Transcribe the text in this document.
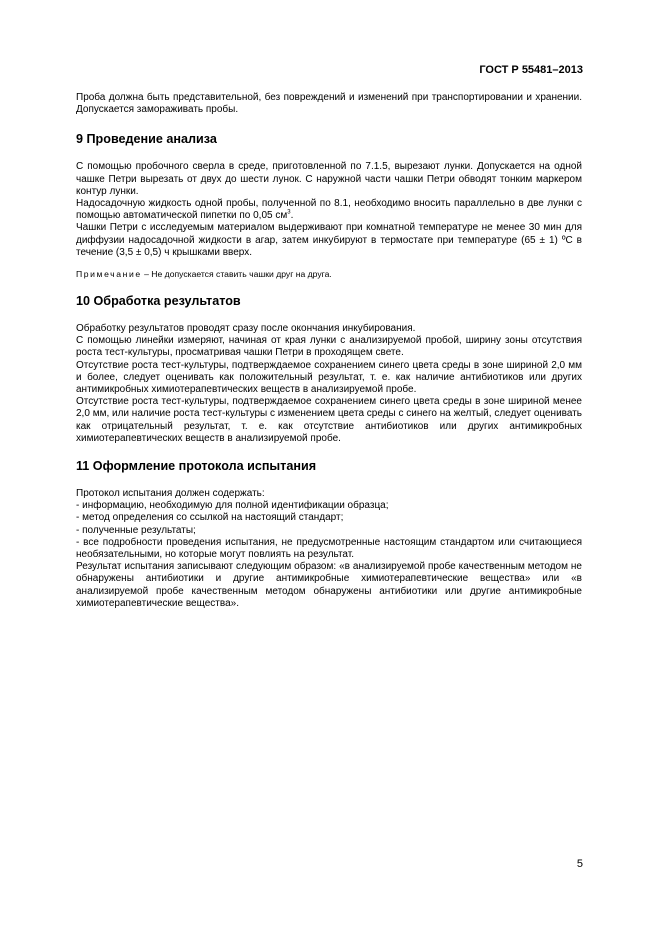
ГОСТ Р 55481–2013

Проба должна быть представительной, без повреждений и изменений при транспортировании и хранении. Допускается замораживать пробы.

9 Проведение анализа

С помощью пробочного сверла в среде, приготовленной по 7.1.5, вырезают лунки. Допускается на одной чашке Петри вырезать от двух до шести лунок. С наружной части чашки Петри обводят тонким маркером контур лунки.

Надосадочную жидкость одной пробы, полученной по 8.1, необходимо вносить параллельно в две лунки с помощью автоматической пипетки по 0,05 $см^3$.

Чашки Петри с исследуемым материалом выдерживают при комнатной температуре не менее 30 мин для диффузии надосадочной жидкости в агар, затем инкубируют в термостате при температуре (65 ± 1) ºС в течение (3,5 ± 0,5) ч крышками вверх.

Примечание – Не допускается ставить чашки друг на друга.

10 Обработка результатов

Обработку результатов проводят сразу после окончания инкубирования.

С помощью линейки измеряют, начиная от края лунки с анализируемой пробой, ширину зоны отсутствия роста тест-культуры, просматривая чашки Петри в проходящем свете.

Отсутствие роста тест-культуры, подтверждаемое сохранением синего цвета среды в зоне шириной 2,0 мм и более, следует оценивать как положительный результат, т. е. как наличие антибиотиков или других антимикробных химиотерапевтических веществ в анализируемой пробе.

Отсутствие роста тест-культуры, подтверждаемое сохранением синего цвета среды в зоне шириной менее 2,0 мм, или наличие роста тест-культуры с изменением цвета среды с синего на желтый, следует оценивать как отрицательный результат, т. е. как отсутствие антибиотиков или других антимикробных химиотерапевтических веществ в анализируемой пробе.

11 Оформление протокола испытания

Протокол испытания должен содержать:

- информацию, необходимую для полной идентификации образца;

- метод определения со ссылкой на настоящий стандарт;

- полученные результаты;

- все подробности проведения испытания, не предусмотренные настоящим стандартом или считающиеся необязательными, но которые могут повлиять на результат.

Результат испытания записывают следующим образом: «в анализируемой пробе качественным методом не обнаружены антибиотики и другие антимикробные химиотерапевтические вещества» или «в анализируемой пробе качественным методом обнаружены антибиотики или другие антимикробные химиотерапевтические вещества».

5
